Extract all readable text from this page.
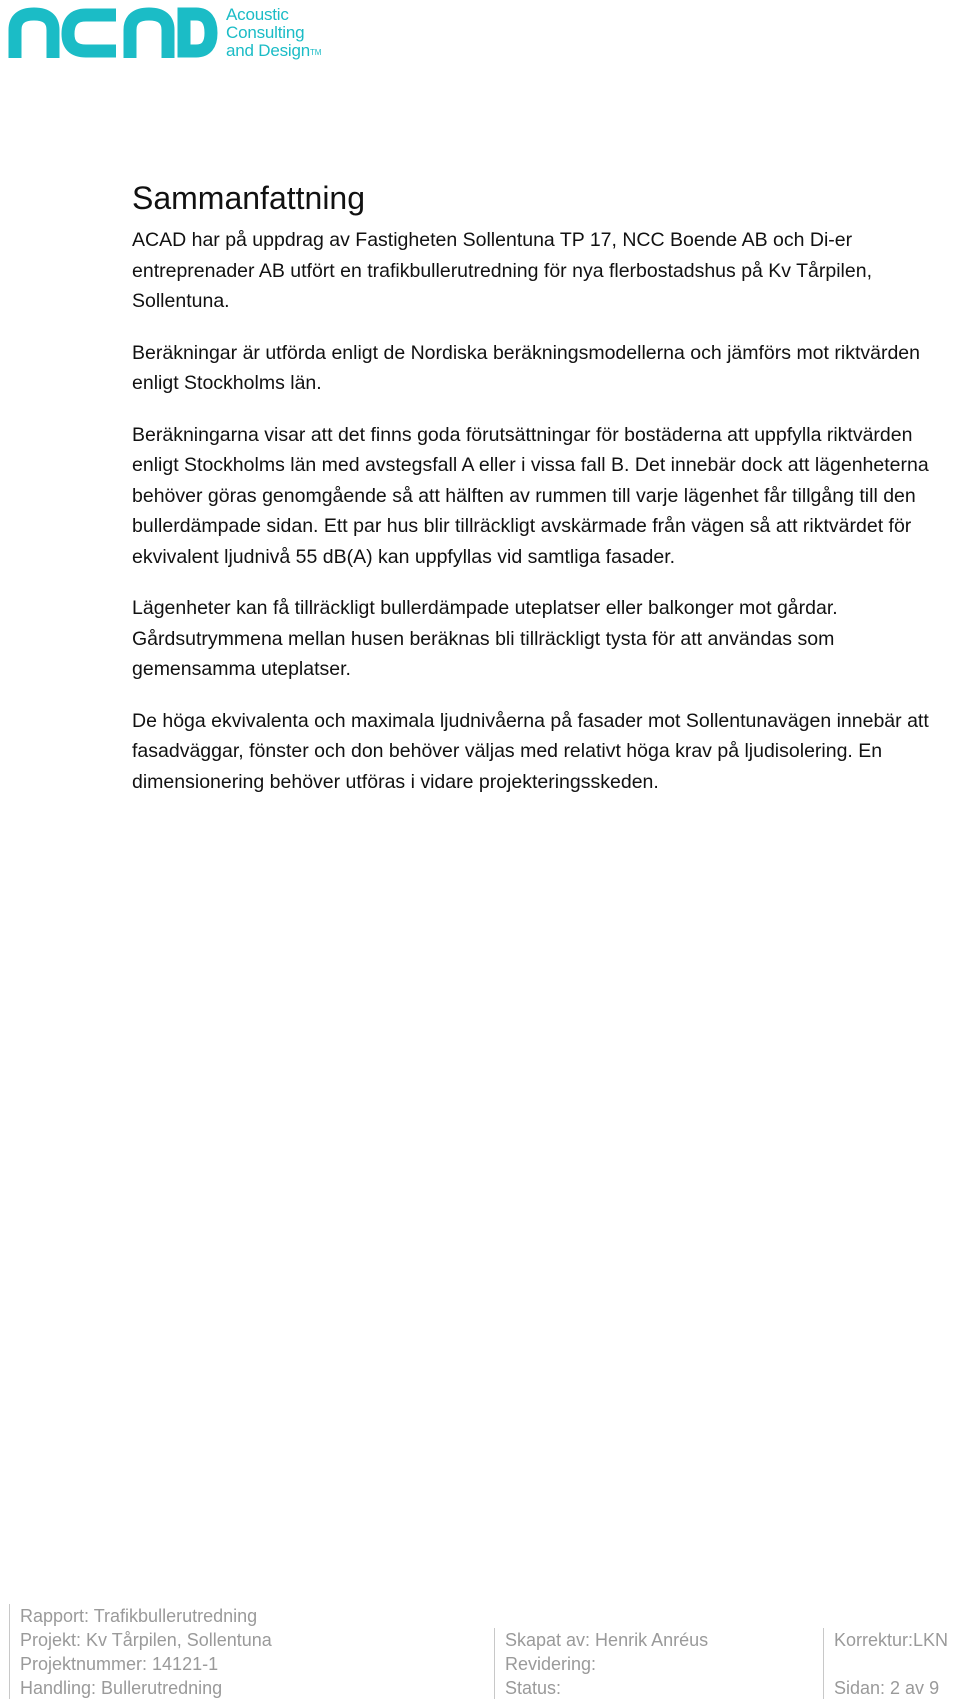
Acoustic
Consulting
and Design™
Sammanfattning

ACAD har på uppdrag av Fastigheten Sollentuna TP 17, NCC Boende AB och Di-er entreprenader AB utfört en trafikbullerutredning för nya flerbostadshus på Kv Tårpilen, Sollentuna.

Beräkningar är utförda enligt de Nordiska beräkningsmodellerna och jämförs mot riktvärden enligt Stockholms län.

Beräkningarna visar att det finns goda förutsättningar för bostäderna att uppfylla riktvärden enligt Stockholms län med avstegsfall A eller i vissa fall B. Det innebär dock att lägenheterna behöver göras genomgående så att hälften av rummen till varje lägenhet får tillgång till den bullerdämpade sidan. Ett par hus blir tillräckligt avskärmade från vägen så att riktvärdet för ekvivalent ljudnivå 55 dB(A) kan uppfyllas vid samtliga fasader.

Lägenheter kan få tillräckligt bullerdämpade uteplatser eller balkonger mot gårdar. Gårdsutrymmena mellan husen beräknas bli tillräckligt tysta för att användas som gemensamma uteplatser.

De höga ekvivalenta och maximala ljudnivåerna på fasader mot Sollentunavägen innebär att fasadväggar, fönster och don behöver väljas med relativt höga krav på ljudisolering. En dimensionering behöver utföras i vidare projekteringsskeden.

Rapport: Trafikbullerutredning
Projekt: Kv Tårpilen, Sollentuna
Projektnummer: 14121-1
Handling: Bullerutredning
Skapat av: Henrik Anréus
Revidering:
Status:
Korrektur:LKN

Sidan: 2 av 9
